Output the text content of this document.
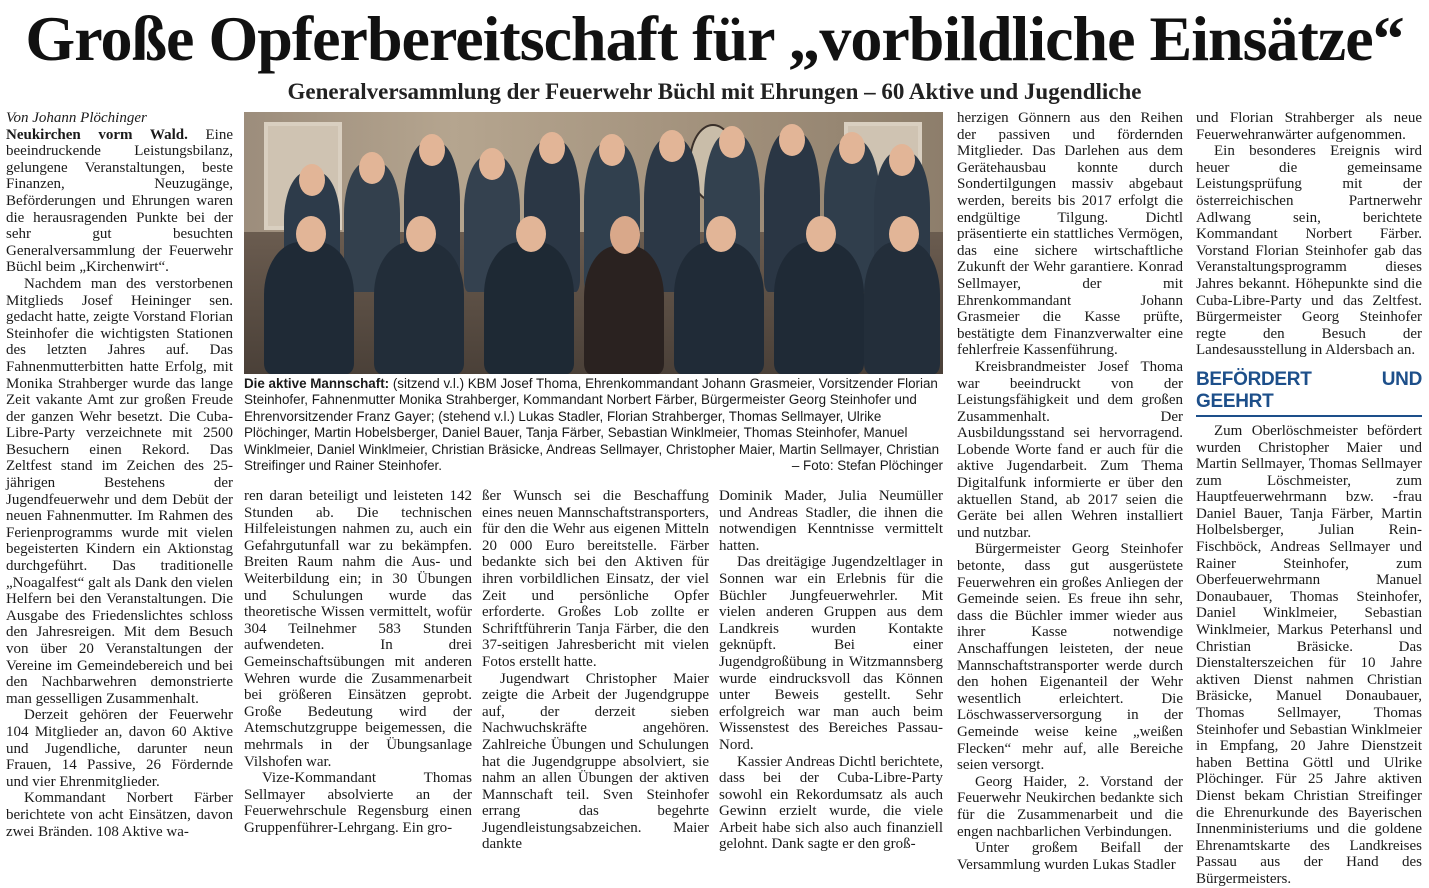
Große Opferbereitschaft für „vorbildliche Einsätze“
Generalversammlung der Feuerwehr Büchl mit Ehrungen – 60 Aktive und Jugendliche

Von Johann Plöchinger

Neukirchen vorm Wald. Eine beeindruckende Leistungsbilanz, gelungene Veranstaltungen, beste Finanzen, Neuzugänge, Beförderungen und Ehrungen waren die herausragenden Punkte bei der sehr gut besuchten Generalversammlung der Feuerwehr Büchl beim „Kirchenwirt“.

Nachdem man des verstorbenen Mitglieds Josef Heininger sen. gedacht hatte, zeigte Vorstand Florian Steinhofer die wichtigsten Stationen des letzten Jahres auf. Das Fahnenmutterbitten hatte Erfolg, mit Monika Strahberger wurde das lange Zeit vakante Amt zur großen Freude der ganzen Wehr besetzt. Die Cuba-Libre-Party verzeichnete mit 2500 Besuchern einen Rekord. Das Zeltfest stand im Zeichen des 25-jährigen Bestehens der Jugendfeuerwehr und dem Debüt der neuen Fahnenmutter. Im Rahmen des Ferienprogramms wurde mit vielen begeisterten Kindern ein Aktionstag durchgeführt. Das traditionelle „Noagalfest“ galt als Dank den vielen Helfern bei den Veranstaltungen. Die Ausgabe des Friedenslichtes schloss den Jahresreigen. Mit dem Besuch von über 20 Veranstaltungen der Vereine im Gemeindebereich und bei den Nachbarwehren demonstrierte man gesselligen Zusammenhalt.

Derzeit gehören der Feuerwehr 104 Mitglieder an, davon 60 Aktive und Jugendliche, darunter neun Frauen, 14 Passive, 26 Fördernde und vier Ehrenmitglieder.

Kommandant Norbert Färber berichtete von acht Einsätzen, davon zwei Bränden. 108 Aktive wa-

Die aktive Mannschaft: (sitzend v.l.) KBM Josef Thoma, Ehrenkommandant Johann Grasmeier, Vorsitzender Florian Steinhofer, Fahnenmutter Monika Strahberger, Kommandant Norbert Färber, Bürgermeister Georg Steinhofer und Ehrenvorsitzender Franz Gayer; (stehend v.l.) Lukas Stadler, Florian Strahberger, Thomas Sellmayer, Ulrike Plöchinger, Martin Hobelsberger, Daniel Bauer, Tanja Färber, Sebastian Winklmeier, Thomas Steinhofer, Manuel Winklmeier, Daniel Winklmeier, Christian Bräsicke, Andreas Sellmayer, Christopher Maier, Martin Sellmayer, Christian Streifinger und Rainer Steinhofer.	– Foto: Stefan Plöchinger

ren daran beteiligt und leisteten 142 Stunden ab. Die technischen Hilfeleistungen nahmen zu, auch ein Gefahrgutunfall war zu bekämpfen. Breiten Raum nahm die Aus- und Weiterbildung ein; in 30 Übungen und Schulungen wurde das theoretische Wissen vermittelt, wofür 304 Teilnehmer 583 Stunden aufwendeten. In drei Gemeinschaftsübungen mit anderen Wehren wurde die Zusammenarbeit bei größeren Einsätzen geprobt. Große Bedeutung wird der Atemschutzgruppe beigemessen, die mehrmals in der Übungsanlage Vilshofen war.

Vize-Kommandant Thomas Sellmayer absolvierte an der Feuerwehrschule Regensburg einen Gruppenführer-Lehrgang. Ein gro-

ßer Wunsch sei die Beschaffung eines neuen Mannschaftstransporters, für den die Wehr aus eigenen Mitteln 20 000 Euro bereitstelle. Färber bedankte sich bei den Aktiven für ihren vorbildlichen Einsatz, der viel Zeit und persönliche Opfer erforderte. Großes Lob zollte er Schriftführerin Tanja Färber, die den 37-seitigen Jahresbericht mit vielen Fotos erstellt hatte.

Jugendwart Christopher Maier zeigte die Arbeit der Jugendgruppe auf, der derzeit sieben Nachwuchskräfte angehören. Zahlreiche Übungen und Schulungen hat die Jugendgruppe absolviert, sie nahm an allen Übungen der aktiven Mannschaft teil. Sven Steinhofer errang das begehrte Jugendleistungsabzeichen. Maier dankte

Dominik Mader, Julia Neumüller und Andreas Stadler, die ihnen die notwendigen Kenntnisse vermittelt hatten.

Das dreitägige Jugendzeltlager in Sonnen war ein Erlebnis für die Büchler Jungfeuerwehrler. Mit vielen anderen Gruppen aus dem Landkreis wurden Kontakte geknüpft. Bei einer Jugendgroßübung in Witzmannsberg wurde eindrucksvoll das Können unter Beweis gestellt. Sehr erfolgreich war man auch beim Wissenstest des Bereiches Passau-Nord.

Kassier Andreas Dichtl berichtete, dass bei der Cuba-Libre-Party sowohl ein Rekordumsatz als auch Gewinn erzielt wurde, die viele Arbeit habe sich also auch finanziell gelohnt. Dank sagte er den groß-

herzigen Gönnern aus den Reihen der passiven und fördernden Mitglieder. Das Darlehen aus dem Gerätehausbau konnte durch Sondertilgungen massiv abgebaut werden, bereits bis 2017 erfolgt die endgültige Tilgung. Dichtl präsentierte ein stattliches Vermögen, das eine sichere wirtschaftliche Zukunft der Wehr garantiere. Konrad Sellmayer, der mit Ehrenkommandant Johann Grasmeier die Kasse prüfte, bestätigte dem Finanzverwalter eine fehlerfreie Kassenführung.

Kreisbrandmeister Josef Thoma war beeindruckt von der Leistungsfähigkeit und dem großen Zusammenhalt. Der Ausbildungsstand sei hervorragend. Lobende Worte fand er auch für die aktive Jugendarbeit. Zum Thema Digitalfunk informierte er über den aktuellen Stand, ab 2017 seien die Geräte bei allen Wehren installiert und nutzbar.

Bürgermeister Georg Steinhofer betonte, dass gut ausgerüstete Feuerwehren ein großes Anliegen der Gemeinde seien. Es freue ihn sehr, dass die Büchler immer wieder aus ihrer Kasse notwendige Anschaffungen leisteten, der neue Mannschaftstransporter werde durch den hohen Eigenanteil der Wehr wesentlich erleichtert. Die Löschwasserversorgung in der Gemeinde weise keine „weißen Flecken“ mehr auf, alle Bereiche seien versorgt.

Georg Haider, 2. Vorstand der Feuerwehr Neukirchen bedankte sich für die Zusammenarbeit und die engen nachbarlichen Verbindungen.

Unter großem Beifall der Versammlung wurden Lukas Stadler

und Florian Strahberger als neue Feuerwehranwärter aufgenommen.

Ein besonderes Ereignis wird heuer die gemeinsame Leistungsprüfung mit der österreichischen Partnerwehr Adlwang sein, berichtete Kommandant Norbert Färber. Vorstand Florian Steinhofer gab das Veranstaltungsprogramm dieses Jahres bekannt. Höhepunkte sind die Cuba-Libre-Party und das Zeltfest. Bürgermeister Georg Steinhofer regte den Besuch der Landesausstellung in Aldersbach an.

BEFÖRDERT UND GEEHRT

Zum Oberlöschmeister befördert wurden Christopher Maier und Martin Sellmayer, Thomas Sellmayer zum Löschmeister, zum Hauptfeuerwehrmann bzw. -frau Daniel Bauer, Tanja Färber, Martin Holbelsberger, Julian Rein-Fischböck, Andreas Sellmayer und Rainer Steinhofer, zum Oberfeuerwehrmann Manuel Donaubauer, Thomas Steinhofer, Daniel Winklmeier, Sebastian Winklmeier, Markus Peterhansl und Christian Bräsicke. Das Dienstalterszeichen für 10 Jahre aktiven Dienst nahmen Christian Bräsicke, Manuel Donaubauer, Thomas Sellmayer, Thomas Steinhofer und Sebastian Winklmeier in Empfang, 20 Jahre Dienstzeit haben Bettina Göttl und Ulrike Plöchinger. Für 25 Jahre aktiven Dienst bekam Christian Streifinger die Ehrenurkunde des Bayerischen Innenministeriums und die goldene Ehrenamtskarte des Landkreises Passau aus der Hand des Bürgermeisters.
